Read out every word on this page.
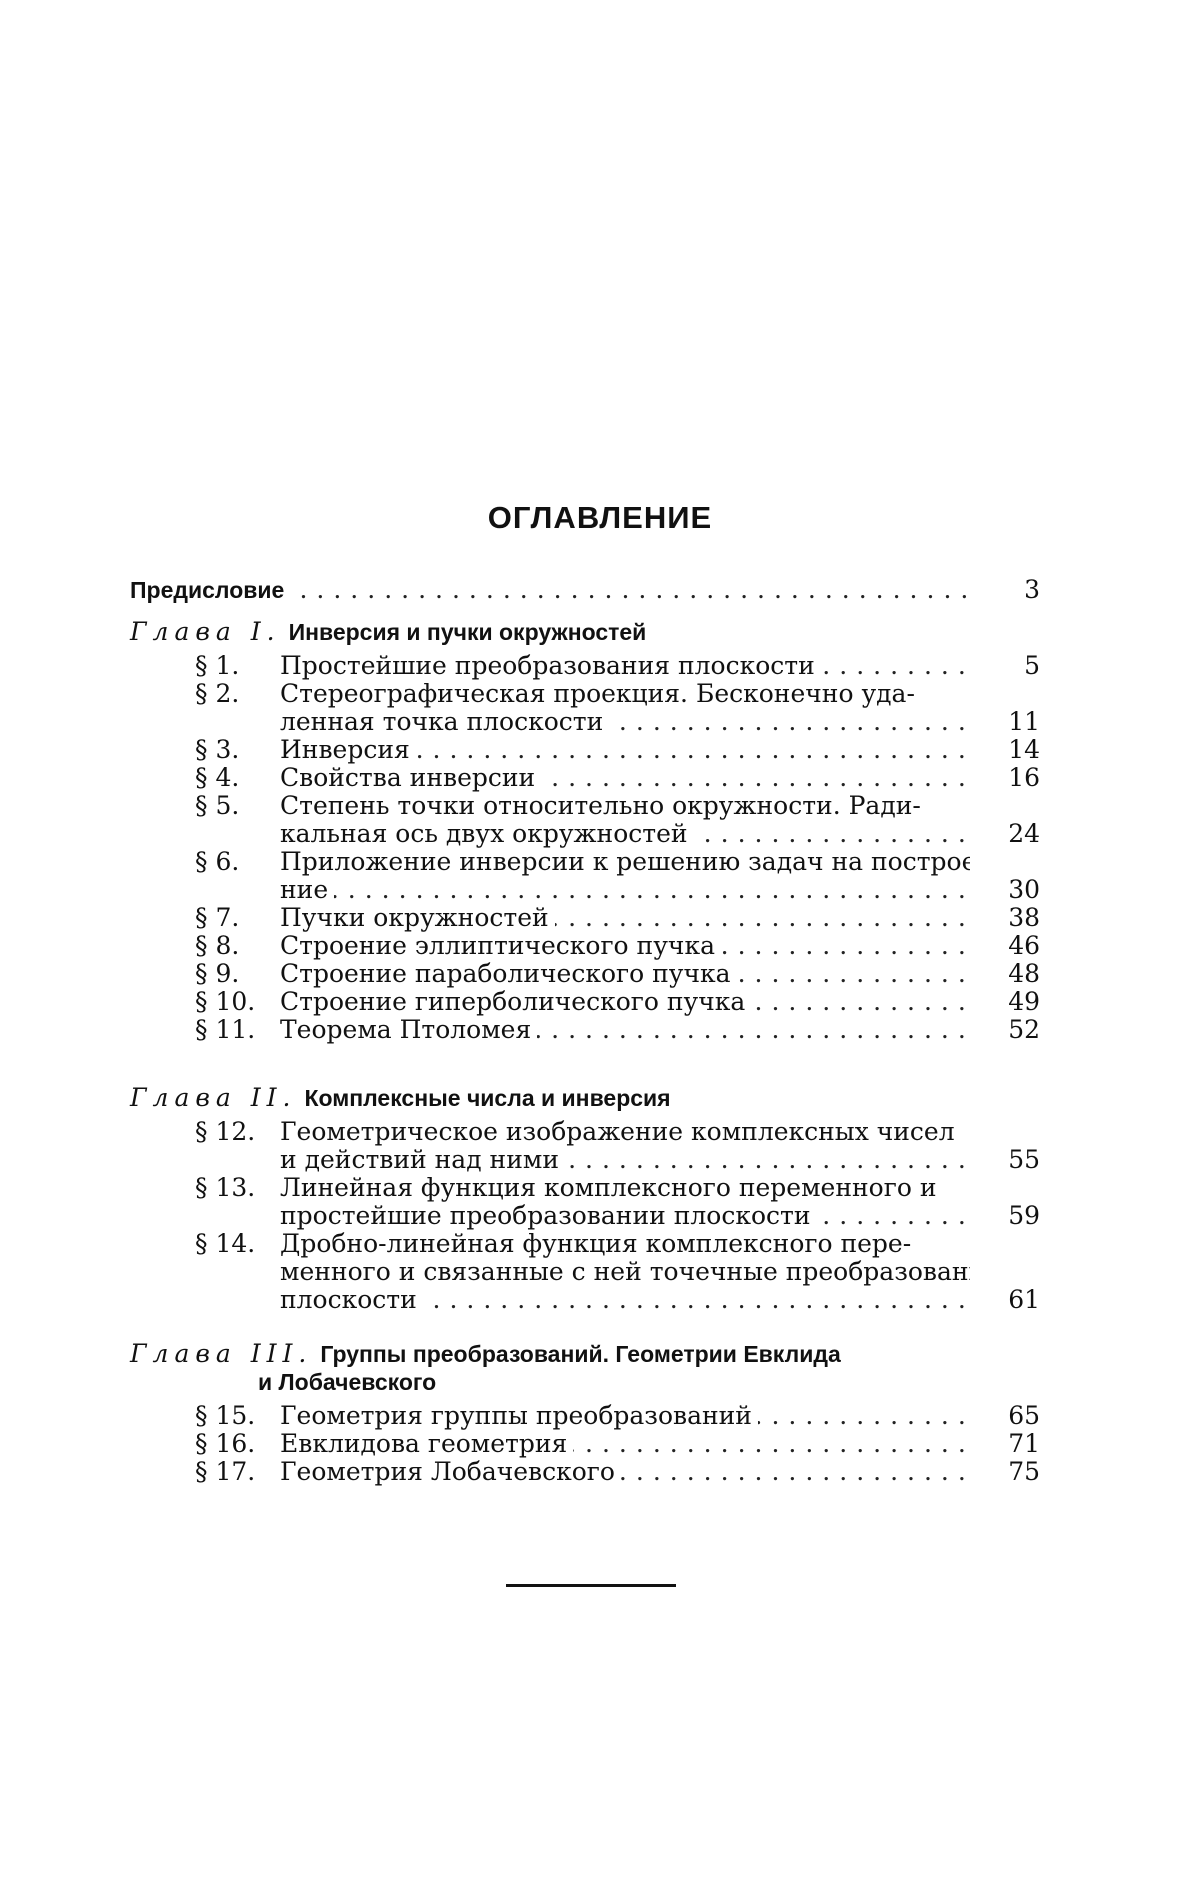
ОГЛАВЛЕНИЕ
..................................................
Предисловие	3
Глава I. Инверсия и пучки окружностей
§ 1.	Простейшие преобразования плоскости	5
§ 2.	Стереографическая проекция. Бесконечно уда-
............................
ленная точка плоскости	11
§ 3.	..........................................
Инверсия	14
§ 4.	............................
Свойства инверсии	16
§ 5.	Степень точки относительно окружности. Ради-
кальная ось двух окружностей	24
§ 6.	Приложение инверсии к решению задач на построе-
..........................................
ние	30
§ 7.	............................
Пучки окружностей	38
§ 8.	Строение эллиптического пучка	46
§ 9.	Строение параболического пучка	48
§ 10. Строение гиперболического пучка	49
§ 11.	............................
Теорема Птоломея	52
Глава II. Комплексные числа и инверсия
§ 12. Геометрическое изображение комплексных чисел
............................
и действий над ними	55
§ 13. Линейная функция комплексного переменного и
простейшие преобразовании плоскости	59
§ 14. Дробно-линейная функция комплексного пере-
менного и связанные с ней точечные преобразования
..........................................
плоскости	61
Глава III. Группы преобразований. Геометрии Евклида
и Лобачевского
§ 15. Геометрия группы преобразований	65
§ 16.	............................
Евклидова геометрия	71
§ 17.	............................
Геометрия Лобачевского	75
